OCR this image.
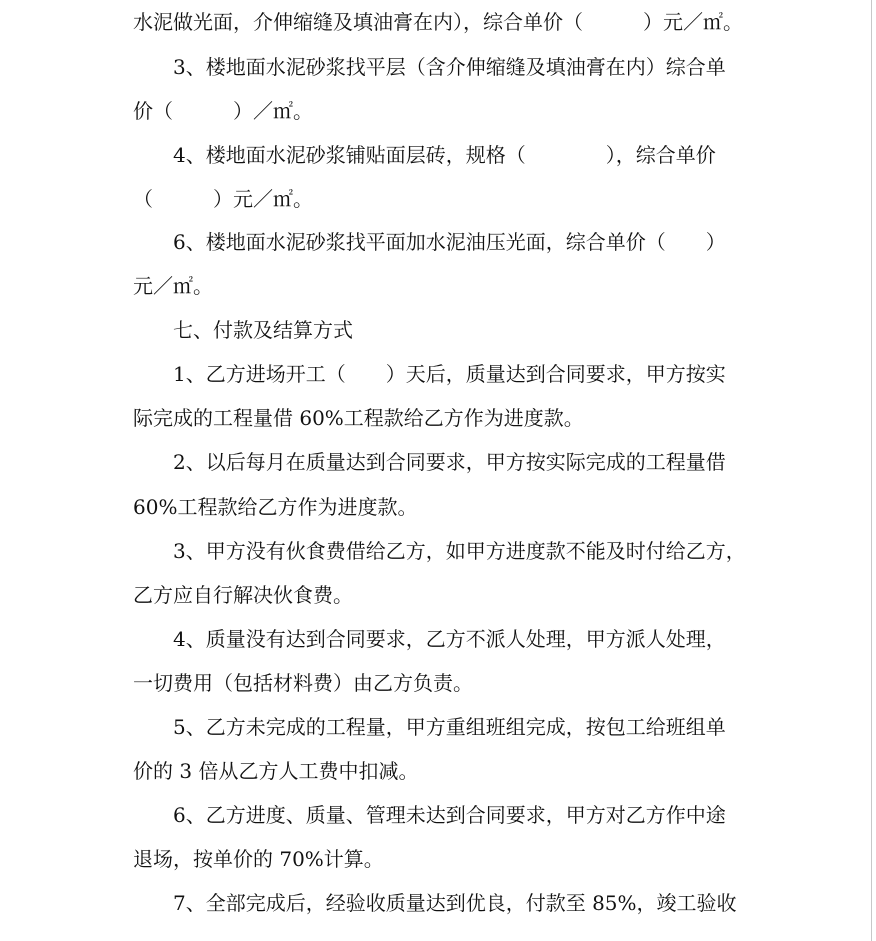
水泥做光面，介伸缩缝及填油膏在内），综合单价（　　　）元／㎡。
3、楼地面水泥砂浆找平层（含介伸缩缝及填油膏在内）综合单
价（　　　）／㎡。
4、楼地面水泥砂浆铺贴面层砖，规格（　　　　），综合单价
（　　　）元／㎡。
6、楼地面水泥砂浆找平面加水泥油压光面，综合单价（　　）
元／㎡。
七、付款及结算方式
1、乙方进场开工（　　）天后，质量达到合同要求，甲方按实
际完成的工程量借 60%工程款给乙方作为进度款。
2、以后每月在质量达到合同要求，甲方按实际完成的工程量借
60%工程款给乙方作为进度款。
3、甲方没有伙食费借给乙方，如甲方进度款不能及时付给乙方，
乙方应自行解决伙食费。
4、质量没有达到合同要求，乙方不派人处理，甲方派人处理，
一切费用（包括材料费）由乙方负责。
5、乙方未完成的工程量，甲方重组班组完成，按包工给班组单
价的 3 倍从乙方人工费中扣减。
6、乙方进度、质量、管理未达到合同要求，甲方对乙方作中途
退场，按单价的 70%计算。
7、全部完成后，经验收质量达到优良，付款至 85%，竣工验收
